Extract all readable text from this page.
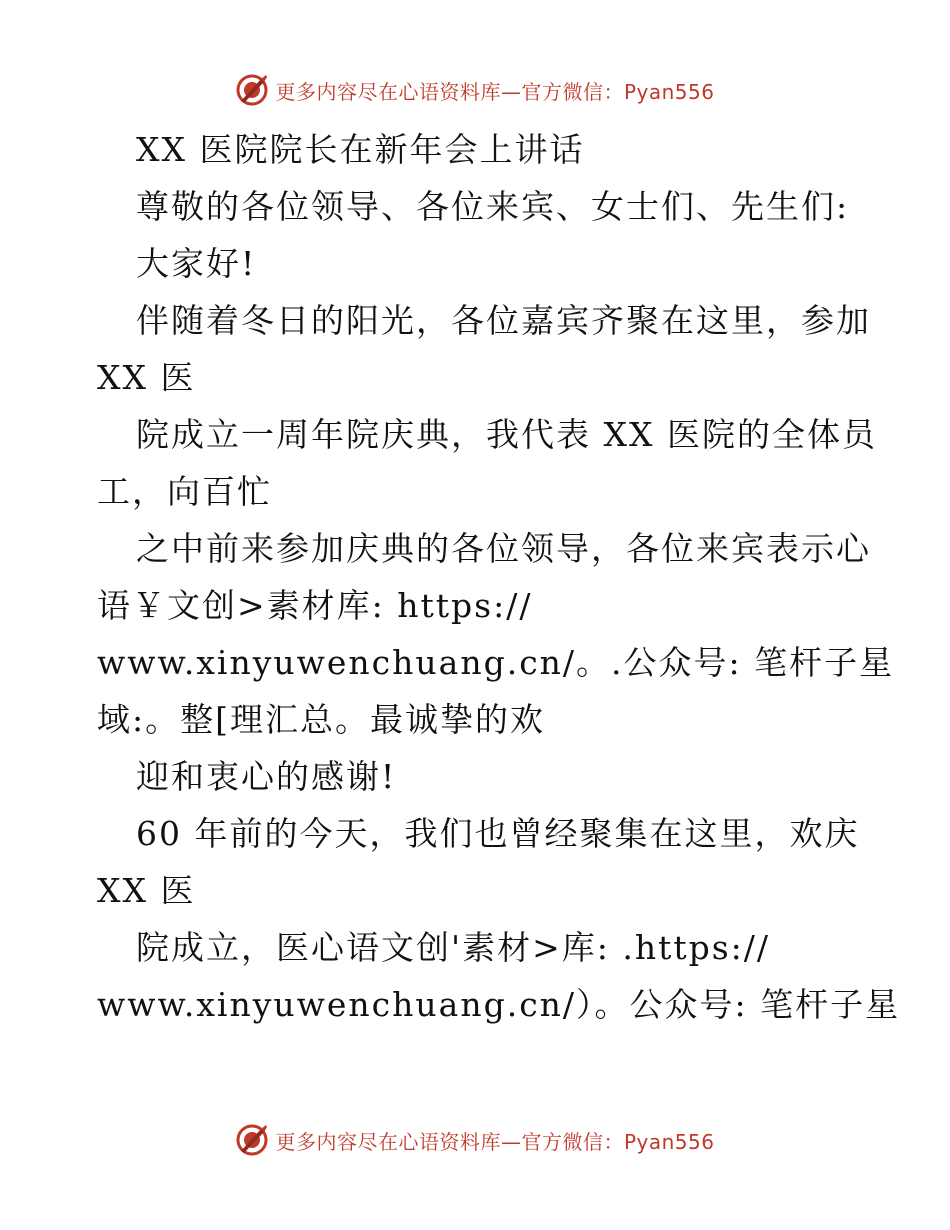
更多内容尽在心语资料库—官方微信：Pyan556
XX 医院院长在新年会上讲话
尊敬的各位领导、各位来宾、女士们、先生们:
大家好!
伴随着冬日的阳光，各位嘉宾齐聚在这里，参加
XX 医
院成立一周年院庆典，我代表 XX 医院的全体员
工，向百忙
之中前来参加庆典的各位领导，各位来宾表示心
语￥文创>素材库: https://
www.xinyuwenchuang.cn/。.公众号: 笔杆子星
域:。整[理汇总。最诚挚的欢
迎和衷心的感谢!
60 年前的今天，我们也曾经聚集在这里，欢庆
XX 医
院成立，医心语文创'素材>库: .https://
www.xinyuwenchuang.cn/）。公众号: 笔杆子星
更多内容尽在心语资料库—官方微信：Pyan556
